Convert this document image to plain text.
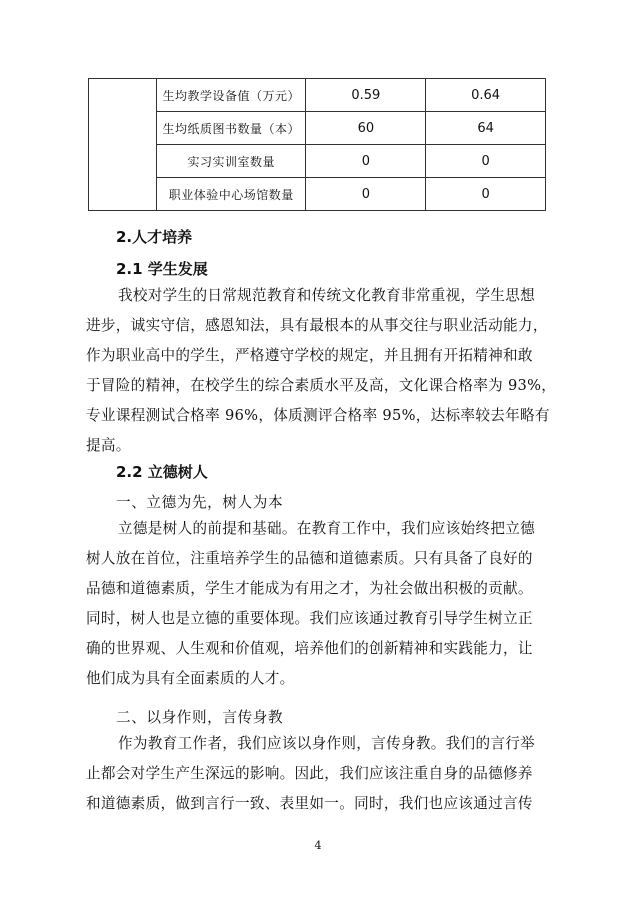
	生均教学设备值（万元）	0.59	0.64
	生均纸质图书数量（本）	60	64
	实习实训室数量	0	0
	职业体验中心场馆数量	0	0
2.人才培养
2.1 学生发展
我校对学生的日常规范教育和传统文化教育非常重视，学生思想
进步，诚实守信，感恩知法，具有最根本的从事交往与职业活动能力，
作为职业高中的学生，严格遵守学校的规定，并且拥有开拓精神和敢
于冒险的精神，在校学生的综合素质水平及高，文化课合格率为 93%，
专业课程测试合格率 96%，体质测评合格率 95%，达标率较去年略有
提高。
2.2 立德树人
一、立德为先，树人为本
立德是树人的前提和基础。在教育工作中，我们应该始终把立德
树人放在首位，注重培养学生的品德和道德素质。只有具备了良好的
品德和道德素质，学生才能成为有用之才，为社会做出积极的贡献。
同时，树人也是立德的重要体现。我们应该通过教育引导学生树立正
确的世界观、人生观和价值观，培养他们的创新精神和实践能力，让
他们成为具有全面素质的人才。
二、以身作则，言传身教
作为教育工作者，我们应该以身作则，言传身教。我们的言行举
止都会对学生产生深远的影响。因此，我们应该注重自身的品德修养
和道德素质，做到言行一致、表里如一。同时，我们也应该通过言传
4
